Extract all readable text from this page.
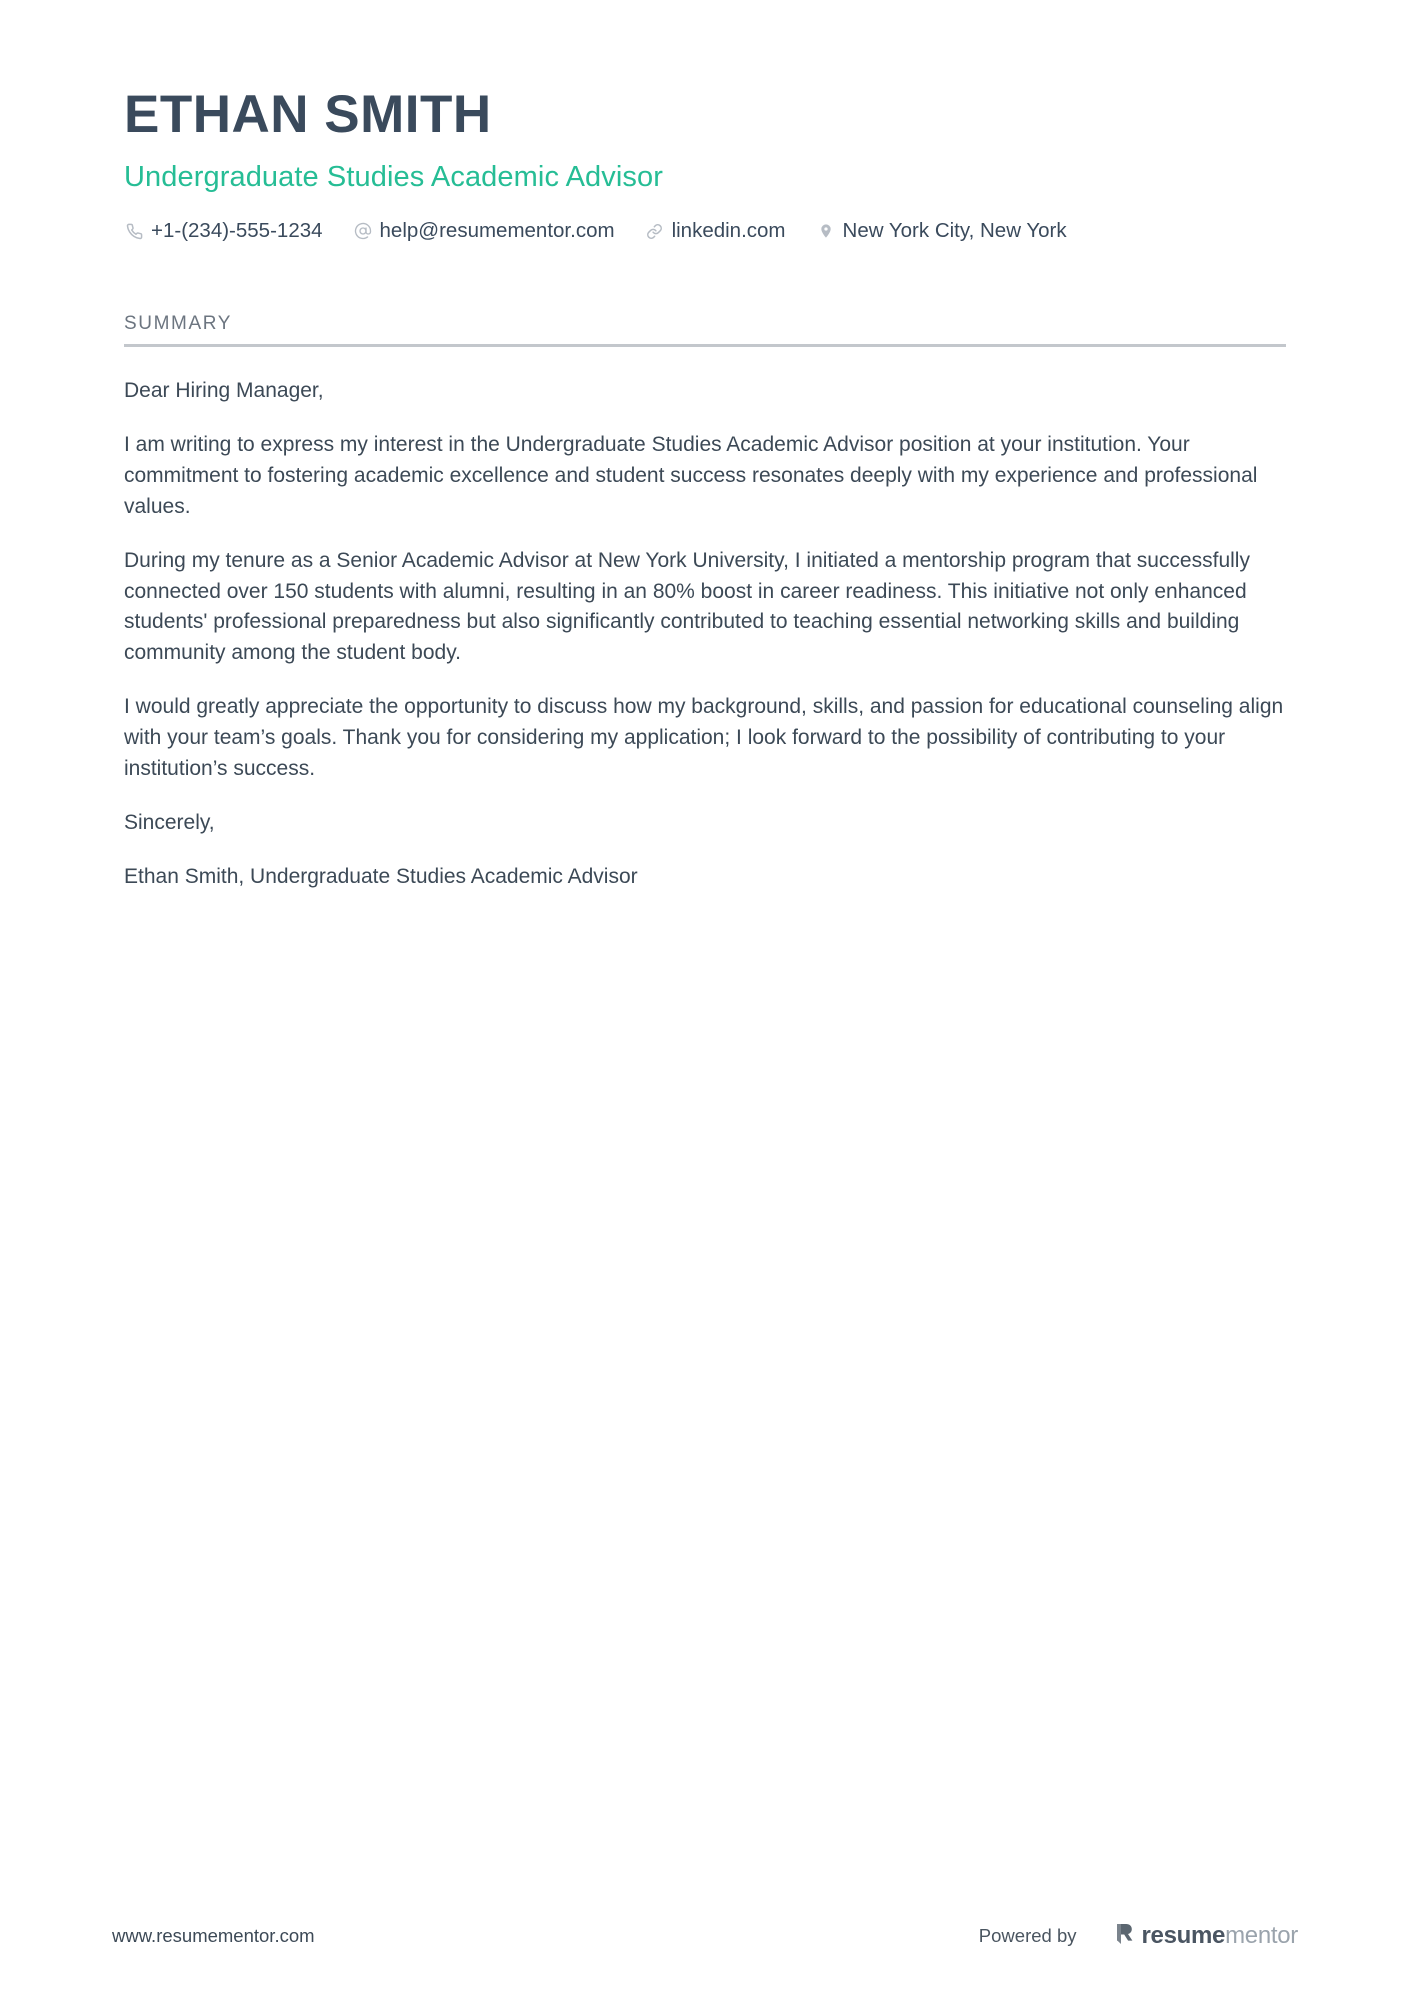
ETHAN SMITH
Undergraduate Studies Academic Advisor
+1-(234)-555-1234	help@resumementor.com	linkedin.com	New York City, New York
SUMMARY

Dear Hiring Manager,

I am writing to express my interest in the Undergraduate Studies Academic Advisor position at your institution. Your commitment to fostering academic excellence and student success resonates deeply with my experience and professional values.

During my tenure as a Senior Academic Advisor at New York University, I initiated a mentorship program that successfully connected over 150 students with alumni, resulting in an 80% boost in career readiness. This initiative not only enhanced students' professional preparedness but also significantly contributed to teaching essential networking skills and building community among the student body.

I would greatly appreciate the opportunity to discuss how my background, skills, and passion for educational counseling align with your team’s goals. Thank you for considering my application; I look forward to the possibility of contributing to your institution’s success.

Sincerely,

Ethan Smith, Undergraduate Studies Academic Advisor

www.resumementor.com	Powered by	resumementor
